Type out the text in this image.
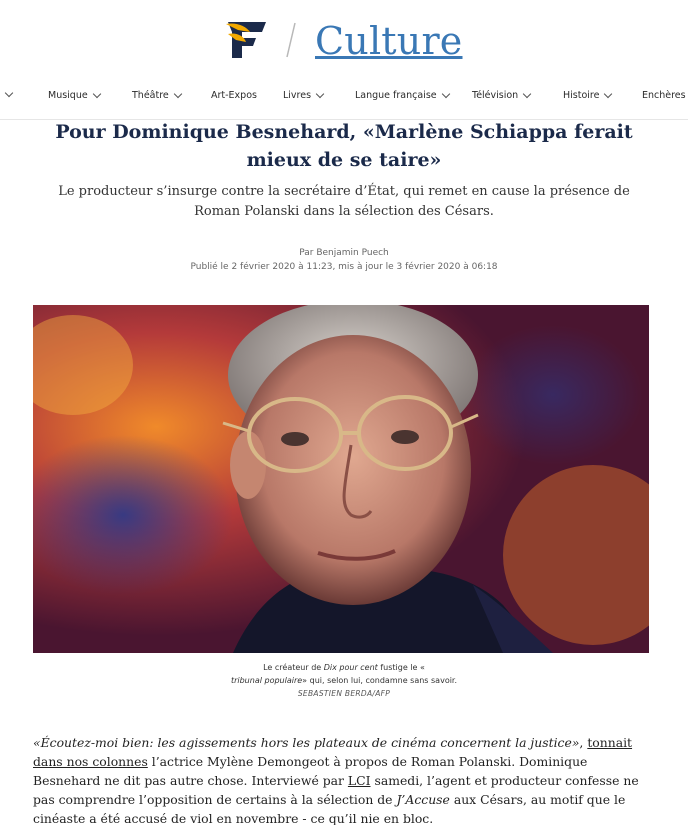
Culture
Musique	Théâtre	Art-Expos	Livres	Langue française	Télévision	Histoire	Enchères
Pour Dominique Besnehard, «Marlène Schiappa ferait mieux de se taire»

Le producteur s’insurge contre la secrétaire d’État, qui remet en cause la présence de Roman Polanski dans la sélection des Césars.

Par Benjamin Puech
Publié le 2 février 2020 à 11:23, mis à jour le 3 février 2020 à 06:18
Le créateur de Dix pour cent fustige le «
tribunal populaire» qui, selon lui, condamne sans savoir.
SEBASTIEN BERDA/AFP

«Écoutez-moi bien: les agissements hors les plateaux de cinéma concernent la justice», tonnait dans nos colonnes l’actrice Mylène Demongeot à propos de Roman Polanski. Dominique Besnehard ne dit pas autre chose. Interviewé par LCI samedi, l’agent et producteur confesse ne pas comprendre l’opposition de certains à la sélection de J’Accuse aux Césars, au motif que le cinéaste a été accusé de viol en novembre - ce qu’il nie en bloc.
